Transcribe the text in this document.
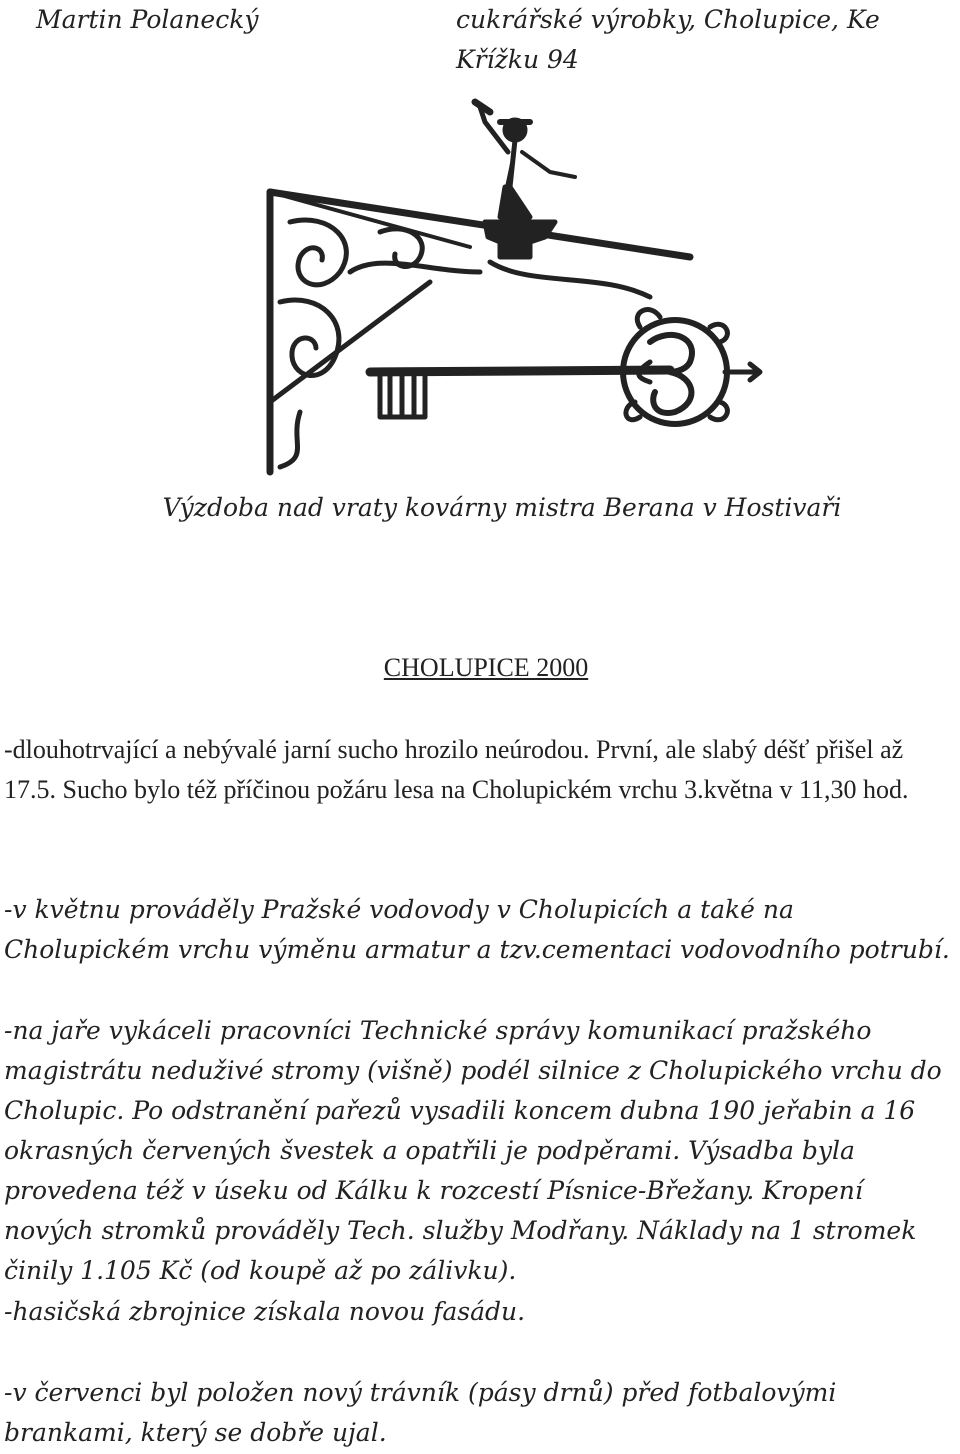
Martin Polanecký	cukrářské výrobky, Cholupice, Ke Křížku 94
Výzdoba nad vraty kovárny mistra Berana v Hostivaři
CHOLUPICE 2000

-dlouhotrvající a nebývalé jarní sucho hrozilo neúrodou. První, ale slabý déšť přišel až 17.5. Sucho bylo též příčinou požáru lesa na Cholupickém vrchu 3.května v 11,30 hod.

-v květnu prováděly Pražské vodovody v Cholupicích a také na Cholupickém vrchu výměnu armatur a tzv.cementaci vodovodního potrubí.

-na jaře vykáceli pracovníci Technické správy komunikací pražského magistrátu neduživé stromy (višně) podél silnice z Cholupického vrchu do Cholupic. Po odstranění pařezů vysadili koncem dubna 190 jeřabin a 16 okrasných červených švestek a opatřili je podpěrami. Výsadba byla provedena též v úseku od Kálku k rozcestí Písnice-Břežany. Kropení nových stromků prováděly Tech. služby Modřany. Náklady na 1 stromek činily 1.105 Kč (od koupě až po zálivku).

-hasičská zbrojnice získala novou fasádu.

-v červenci byl položen nový trávník (pásy drnů) před fotbalovými brankami, který se dobře ujal.
